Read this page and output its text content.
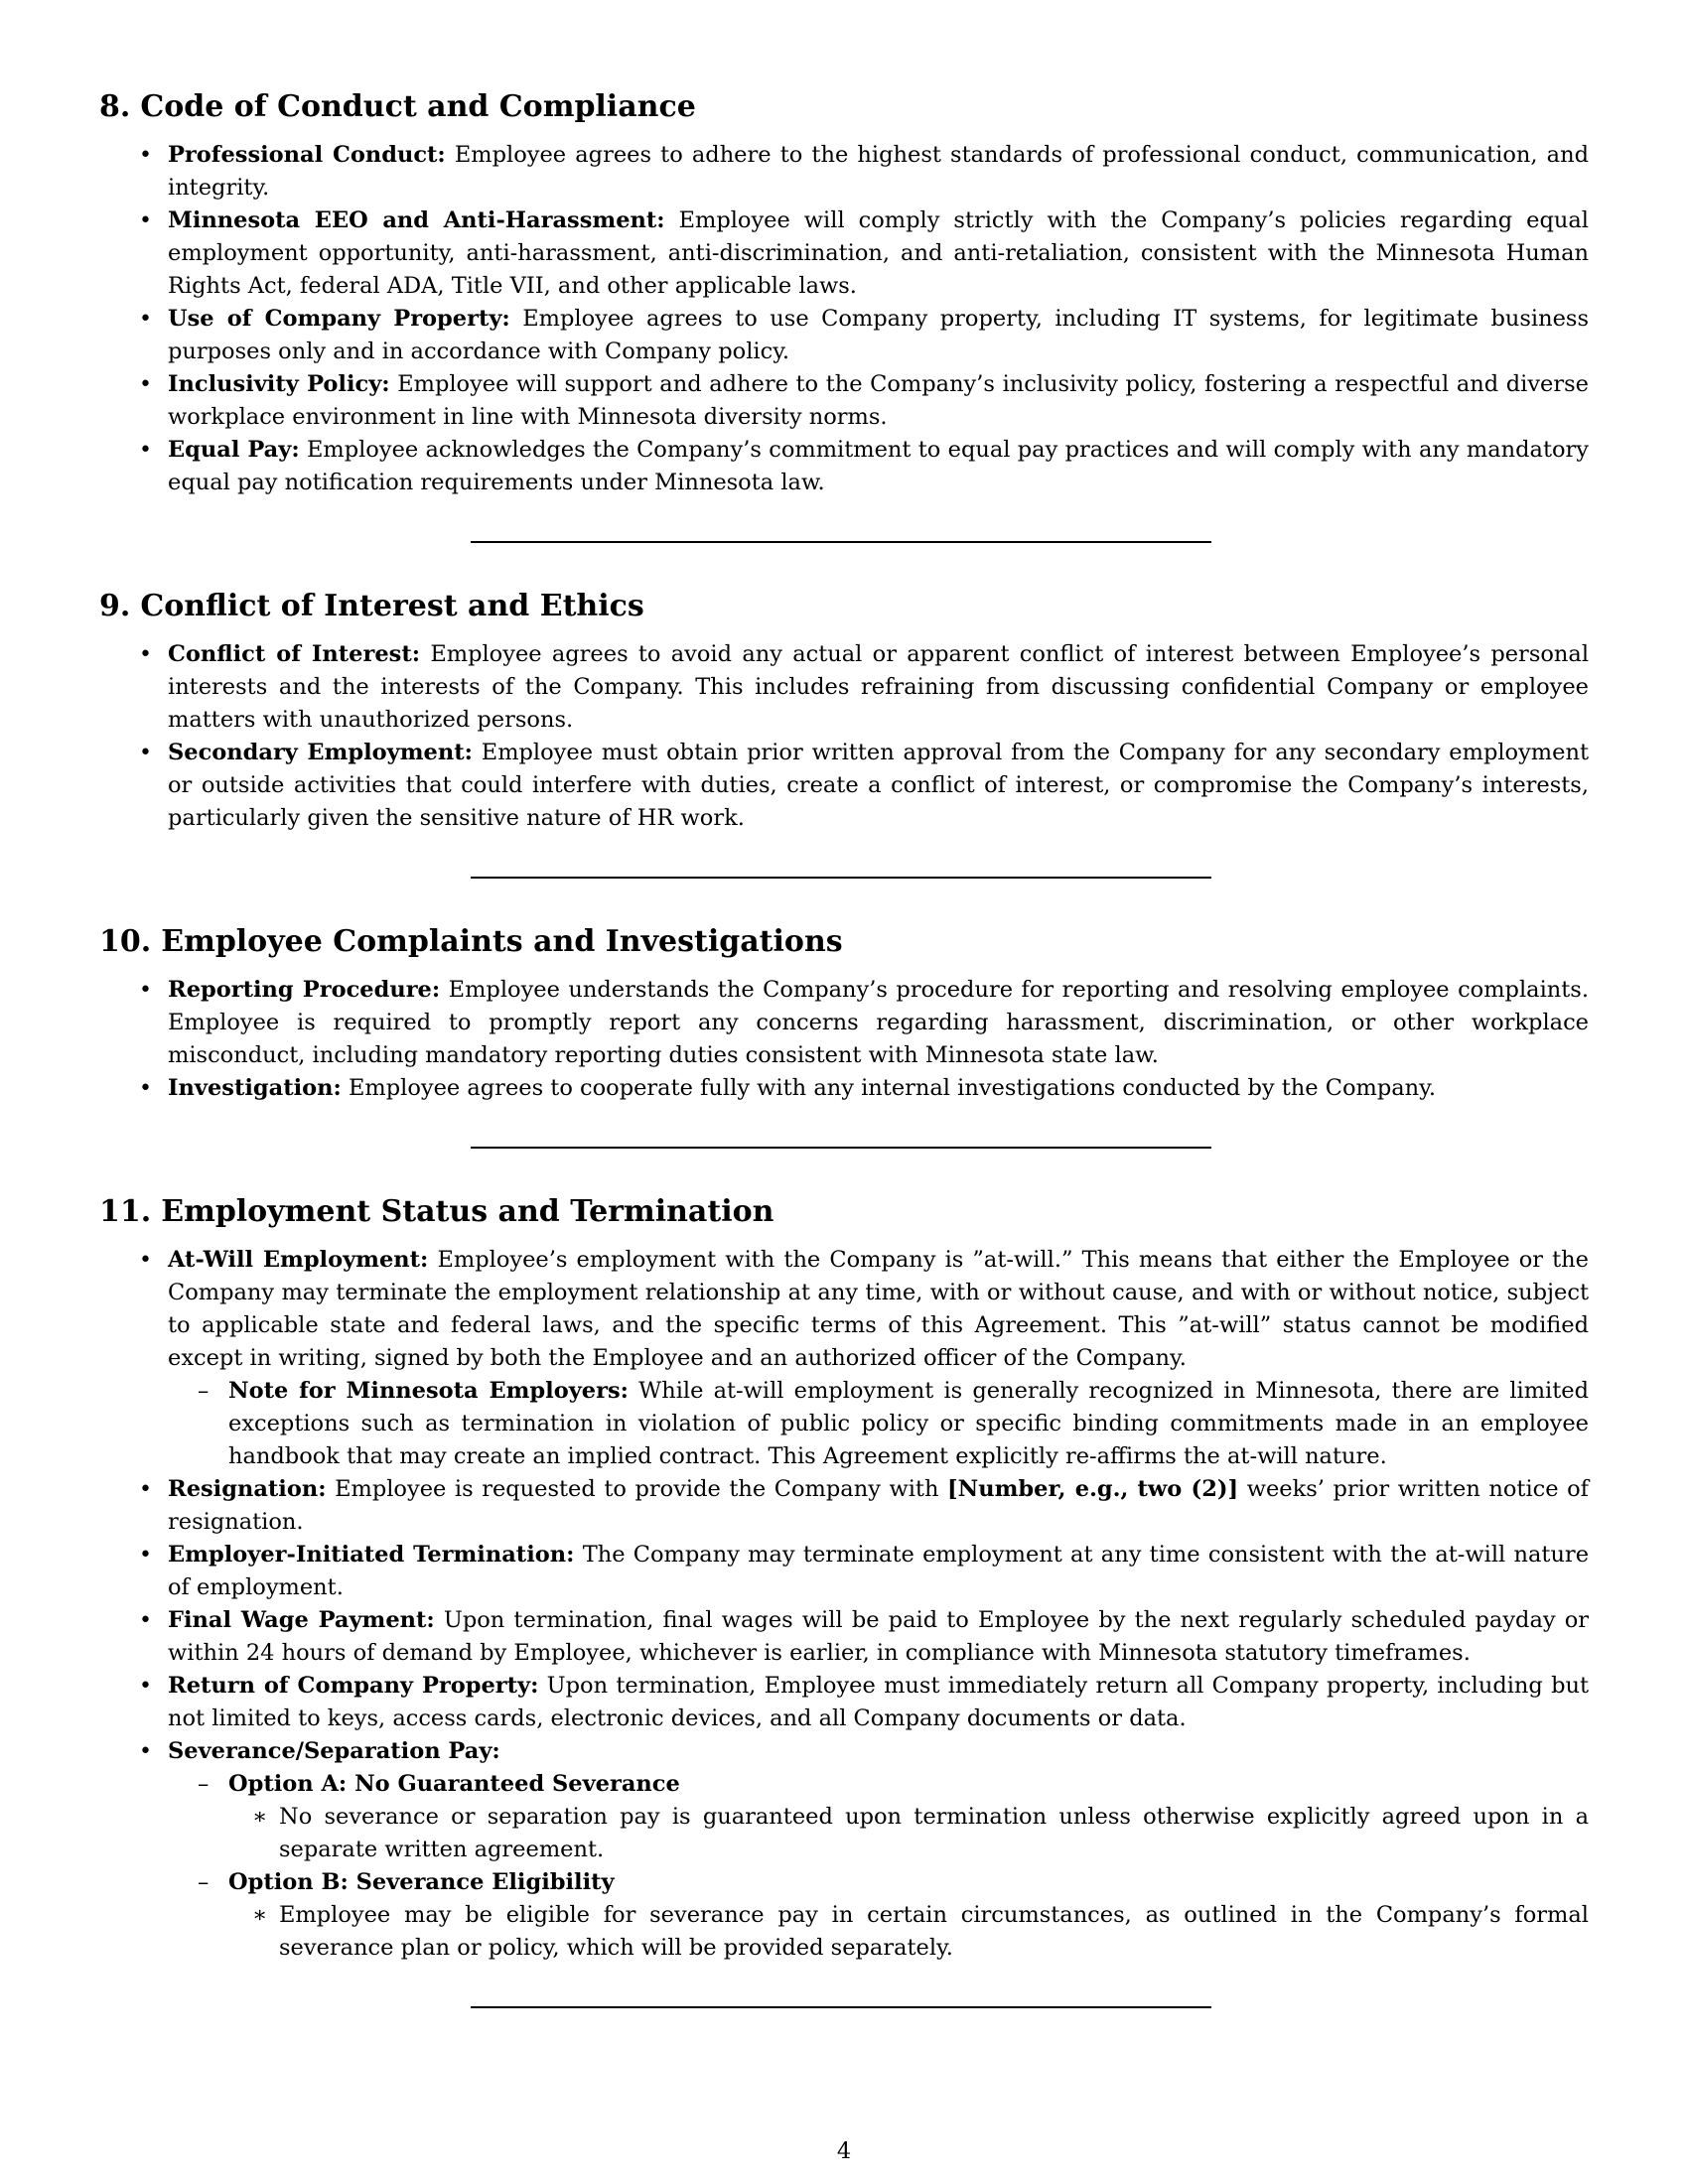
8. Code of Conduct and Compliance
• Professional Conduct: Employee agrees to adhere to the highest standards of professional conduct, communication, and integrity.
• Minnesota EEO and Anti-Harassment: Employee will comply strictly with the Company’s policies regarding equal employment opportunity, anti-harassment, anti-discrimination, and anti-retaliation, consistent with the Minnesota Human Rights Act, federal ADA, Title VII, and other applicable laws.
• Use of Company Property: Employee agrees to use Company property, including IT systems, for legitimate business purposes only and in accordance with Company policy.
• Inclusivity Policy: Employee will support and adhere to the Company’s inclusivity policy, fostering a respectful and diverse workplace environment in line with Minnesota diversity norms.
• Equal Pay: Employee acknowledges the Company’s commitment to equal pay practices and will comply with any mandatory equal pay notification requirements under Minnesota law.
9. Conflict of Interest and Ethics
• Conflict of Interest: Employee agrees to avoid any actual or apparent conflict of interest between Employee’s personal interests and the interests of the Company. This includes refraining from discussing confidential Company or employee matters with unauthorized persons.
• Secondary Employment: Employee must obtain prior written approval from the Company for any secondary employment or outside activities that could interfere with duties, create a conflict of interest, or compromise the Company’s interests, particularly given the sensitive nature of HR work.
10. Employee Complaints and Investigations
• Reporting Procedure: Employee understands the Company’s procedure for reporting and resolving employee complaints. Employee is required to promptly report any concerns regarding harassment, discrimination, or other workplace misconduct, including mandatory reporting duties consistent with Minnesota state law.
• Investigation: Employee agrees to cooperate fully with any internal investigations conducted by the Company.
11. Employment Status and Termination
• At-Will Employment: Employee’s employment with the Company is ”at-will.” This means that either the Employee or the Company may terminate the employment relationship at any time, with or without cause, and with or without notice, subject to applicable state and federal laws, and the specific terms of this Agreement. This ”at-will” status cannot be modified except in writing, signed by both the Employee and an authorized officer of the Company.
– Note for Minnesota Employers: While at-will employment is generally recognized in Minnesota, there are limited exceptions such as termination in violation of public policy or specific binding commitments made in an employee handbook that may create an implied contract. This Agreement explicitly re-affirms the at-will nature.
• Resignation: Employee is requested to provide the Company with [Number, e.g., two (2)] weeks’ prior written notice of resignation.
• Employer-Initiated Termination: The Company may terminate employment at any time consistent with the at-will nature of employment.
• Final Wage Payment: Upon termination, final wages will be paid to Employee by the next regularly scheduled payday or within 24 hours of demand by Employee, whichever is earlier, in compliance with Minnesota statutory timeframes.
• Return of Company Property: Upon termination, Employee must immediately return all Company property, including but not limited to keys, access cards, electronic devices, and all Company documents or data.
• Severance/Separation Pay:
– Option A: No Guaranteed Severance
∗ No severance or separation pay is guaranteed upon termination unless otherwise explicitly agreed upon in a separate written agreement.
– Option B: Severance Eligibility
∗ Employee may be eligible for severance pay in certain circumstances, as outlined in the Company’s formal severance plan or policy, which will be provided separately.
4
